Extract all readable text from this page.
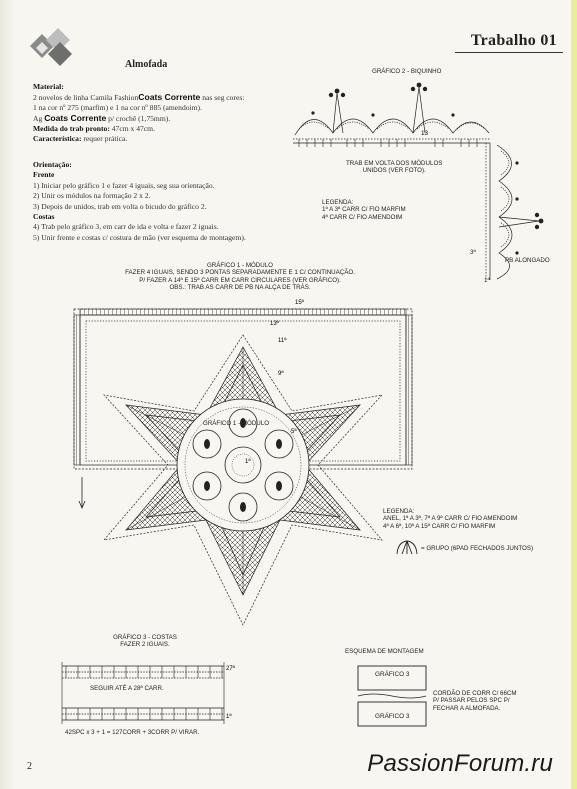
Trabalho 01
Almofada
Material:
2 novelos de linha Camila FashionCoats Corrente nas seg cores:
1 na cor nº 275 (marfim) e 1 na cor nº 885 (amendoim).
Ag Coats Corrente p/ crochê (1,75mm).
Medida do trab pronto: 47cm x 47cm.
Característica: requer prática.
Orientação:
Frente
1) Iniciar pelo gráfico 1 e fazer 4 iguais, seg sua orientação.
2) Unir os módulos na formação 2 x 2.
3) Depois de unidos, trab em volta o bicudo do gráfico 2.
Costas
4) Trab pelo gráfico 3, em carr de ida e volta e fazer 2 iguais.
5) Unir frente e costas c/ costura de mão (ver esquema de montagem).
GRÁFICO 2 - BIQUINHO
13
TRAB EM VOLTA DOS MÓDULOS
UNIDOS (VER FOTO).
LEGENDA:
1ª A 3ª CARR C/ FIO MARFIM
4ª CARR C/ FIO AMENDOIM
3ª
1ª
PB ALONGADO
GRÁFICO 1 - MÓDULO
FAZER 4 IGUAIS, SENDO 3 PONTAS SEPARADAMENTE E 1 C/ CONTINUAÇÃO.
P/ FAZER A 14ª E 15ª CARR EM CARR CIRCULARES (VER GRÁFICO).
OBS.: TRAB AS CARR DE PB NA ALÇA DE TRÁS.
15ª
13ª
11ª
9ª
5ª
1ª
GRÁFICO 1 - MÓDULO
LEGENDA:
ANEL, 1ª A 3ª, 7ª A 9ª CARR C/ FIO AMENDOIM
4ª A 6ª, 10ª A 15ª CARR C/ FIO MARFIM
= GRUPO (6PAD FECHADOS JUNTOS)
GRÁFICO 3 - COSTAS
FAZER 2 IGUAIS.
27ª
1ª
SEGUIR ATÉ A 28ª CARR.
42SPC x 3 + 1 = 127CORR + 3CORR P/ VIRAR.
ESQUEMA DE MONTAGEM
GRÁFICO 3
GRÁFICO 3
CORDÃO DE CORR C/ 66CM
P/ PASSAR PELOS SPC P/
FECHAR A ALMOFADA.
2	PassionForum.ru
